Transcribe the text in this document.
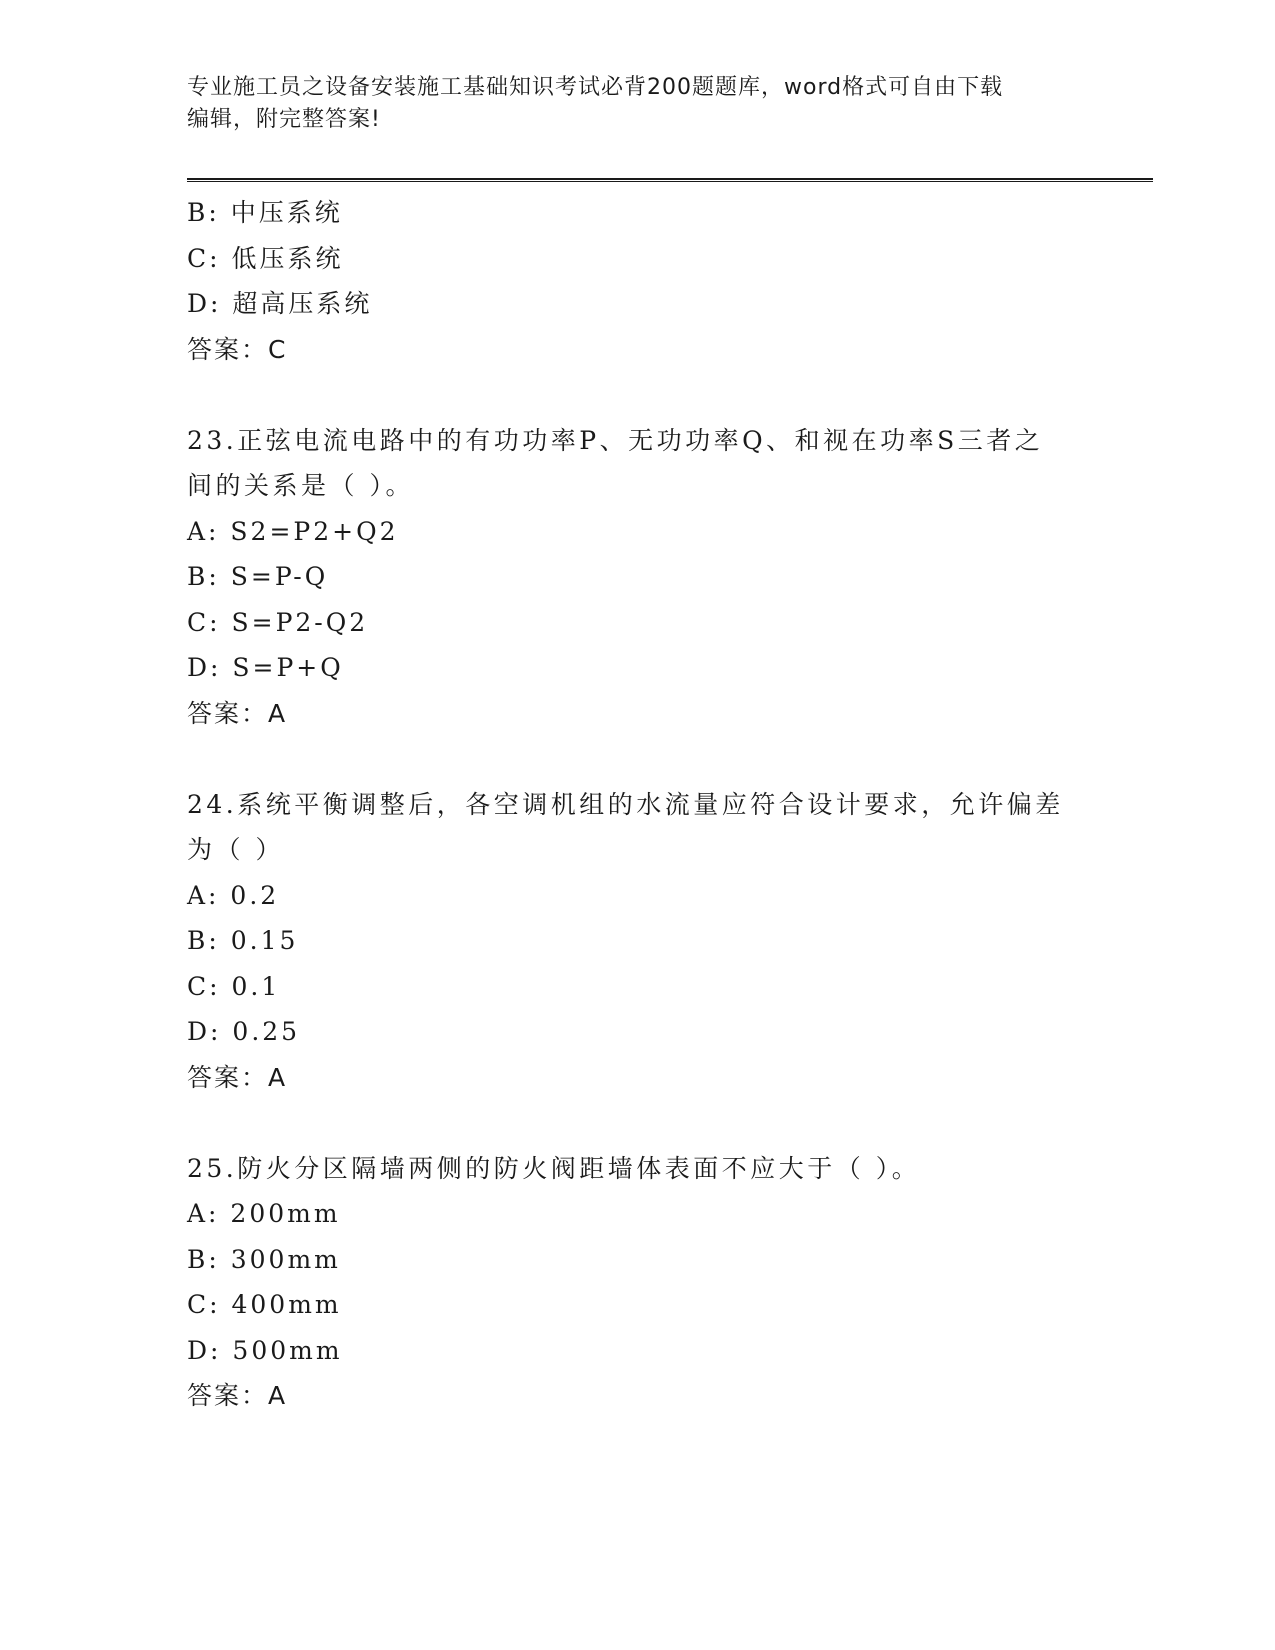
专业施工员之设备安装施工基础知识考试必背200题题库，word格式可自由下载
编辑，附完整答案!
B: 中压系统
C: 低压系统
D: 超高压系统
答案：C
23.正弦电流电路中的有功功率P、无功功率Q、和视在功率S三者之
间的关系是（ ）。
A: S2=P2+Q2
B: S=P-Q
C: S=P2-Q2
D: S=P+Q
答案：A
24.系统平衡调整后，各空调机组的水流量应符合设计要求，允许偏差
为（ ）
A: 0.2
B: 0.15
C: 0.1
D: 0.25
答案：A
25.防火分区隔墙两侧的防火阀距墙体表面不应大于（ ）。
A: 200mm
B: 300mm
C: 400mm
D: 500mm
答案：A
